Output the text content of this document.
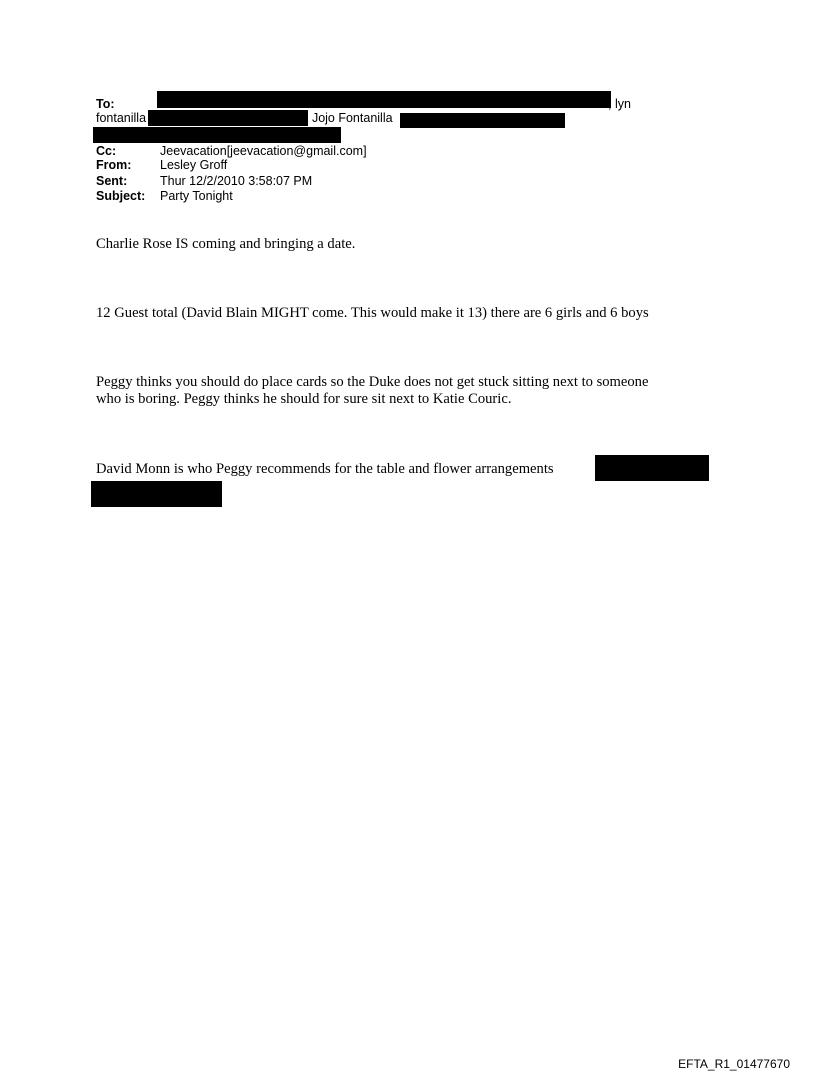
To:	, lyn
fontanilla	, Jojo Fontanilla
Cc:	Jeevacation[jeevacation@gmail.com]
From: Lesley Groff
Sent:	Thur 12/2/2010 3:58:07 PM
Subject: Party Tonight
Charlie Rose IS coming and bringing a date.
12 Guest total (David Blain MIGHT come. This would make it 13) there are 6 girls and 6 boys
Peggy thinks you should do place cards so the Duke does not get stuck sitting next to someone
who is boring. Peggy thinks he should for sure sit next to Katie Couric.
David Monn is who Peggy recommends for the table and flower arrangements
EFTA_R1_01477670
